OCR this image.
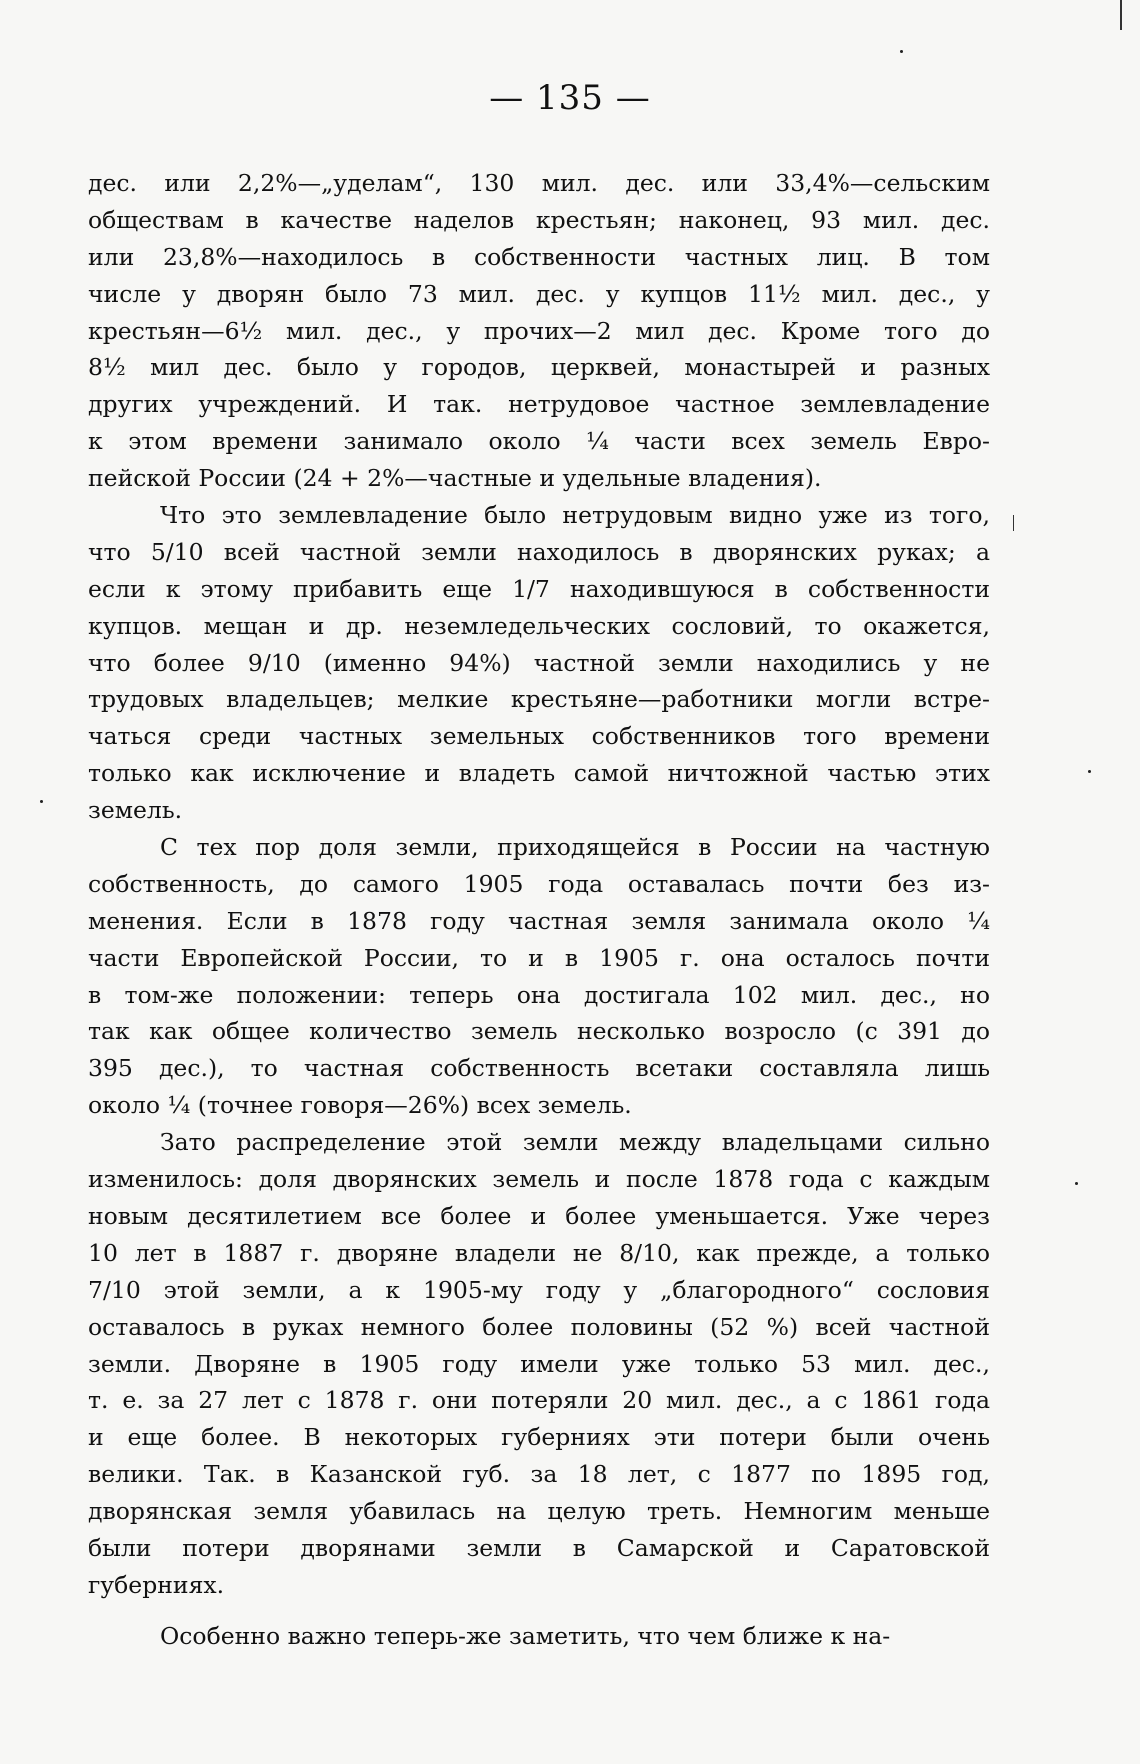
— 135 —
дес. или 2,2%—„уделам“, 130 мил. дес. или 33,4%—сельским
обществам в качестве наделов крестьян; наконец, 93 мил. дес.
или 23,8%—находилось в собственности частных лиц. В том
числе у дворян было 73 мил. дес. у купцов 11½ мил. дес., у
крестьян—6½ мил. дес., у прочих—2 мил дес. Кроме того до
8½ мил дес. было у городов, церквей, монастырей и разных
других учреждений. И так. нетрудовое частное землевладение
к этом времени занимало около ¼ части всех земель Евро-
пейской России (24 + 2%—частные и удельные владения).
Что это землевладение было нетрудовым видно уже из того,
что 5/10 всей частной земли находилось в дворянских руках; а
если к этому прибавить еще 1/7 находившуюся в собственности
купцов. мещан и др. неземледельческих сословий, то окажется,
что более 9/10 (именно 94%) частной земли находились у не
трудовых владельцев; мелкие крестьяне—работники могли встре-
чаться среди частных земельных собственников того времени
только как исключение и владеть самой ничтожной частью этих
земель.
С тех пор доля земли, приходящейся в России на частную
собственность, до самого 1905 года оставалась почти без из-
менения. Если в 1878 году частная земля занимала около ¼
части Европейской России, то и в 1905 г. она осталось почти
в том-же положении: теперь она достигала 102 мил. дес., но
так как общее количество земель несколько возросло (с 391 до
395 дес.), то частная собственность всетаки составляла лишь
около ¼ (точнее говоря—26%) всех земель.
Зато распределение этой земли между владельцами сильно
изменилось: доля дворянских земель и после 1878 года с каждым
новым десятилетием все более и более уменьшается. Уже через
10 лет в 1887 г. дворяне владели не 8/10, как прежде, а только
7/10 этой земли, а к 1905-му году у „благородного“ сословия
оставалось в руках немного более половины (52 %) всей частной
земли. Дворяне в 1905 году имели уже только 53 мил. дес.,
т. е. за 27 лет с 1878 г. они потеряли 20 мил. дес., а с 1861 года
и еще более. В некоторых губерниях эти потери были очень
велики. Так. в Казанской губ. за 18 лет, с 1877 по 1895 год,
дворянская земля убавилась на целую треть. Немногим меньше
были потери дворянами земли в Самарской и Саратовской
губерниях.
Особенно важно теперь-же заметить, что чем ближе к на-
